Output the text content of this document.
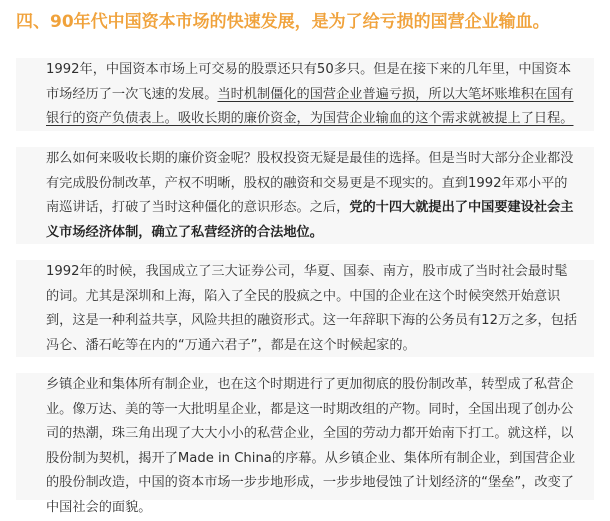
四、90年代中国资本市场的快速发展，是为了给亏损的国营企业输血。

1992年，中国资本市场上可交易的股票还只有50多只。但是在接下来的几年里，中国资本市场经历了一次飞速的发展。当时机制僵化的国营企业普遍亏损，所以大笔坏账堆积在国有银行的资产负债表上。吸收长期的廉价资金，为国营企业输血的这个需求就被提上了日程。

那么如何来吸收长期的廉价资金呢？股权投资无疑是最佳的选择。但是当时大部分企业都没有完成股份制改革，产权不明晰，股权的融资和交易更是不现实的。直到1992年邓小平的南巡讲话，打破了当时这种僵化的意识形态。之后，党的十四大就提出了中国要建设社会主义市场经济体制，确立了私营经济的合法地位。

1992年的时候，我国成立了三大证券公司，华夏、国泰、南方，股市成了当时社会最时髦的词。尤其是深圳和上海，陷入了全民的股疯之中。中国的企业在这个时候突然开始意识到，这是一种利益共享，风险共担的融资形式。这一年辞职下海的公务员有12万之多，包括冯仑、潘石屹等在内的“万通六君子”，都是在这个时候起家的。

乡镇企业和集体所有制企业，也在这个时期进行了更加彻底的股份制改革，转型成了私营企业。像万达、美的等一大批明星企业，都是这一时期改组的产物。同时，全国出现了创办公司的热潮，珠三角出现了大大小小的私营企业，全国的劳动力都开始南下打工。就这样，以股份制为契机，揭开了Made in China的序幕。从乡镇企业、集体所有制企业，到国营企业的股份制改造，中国的资本市场一步步地形成，一步步地侵蚀了计划经济的“堡垒”，改变了中国社会的面貌。
